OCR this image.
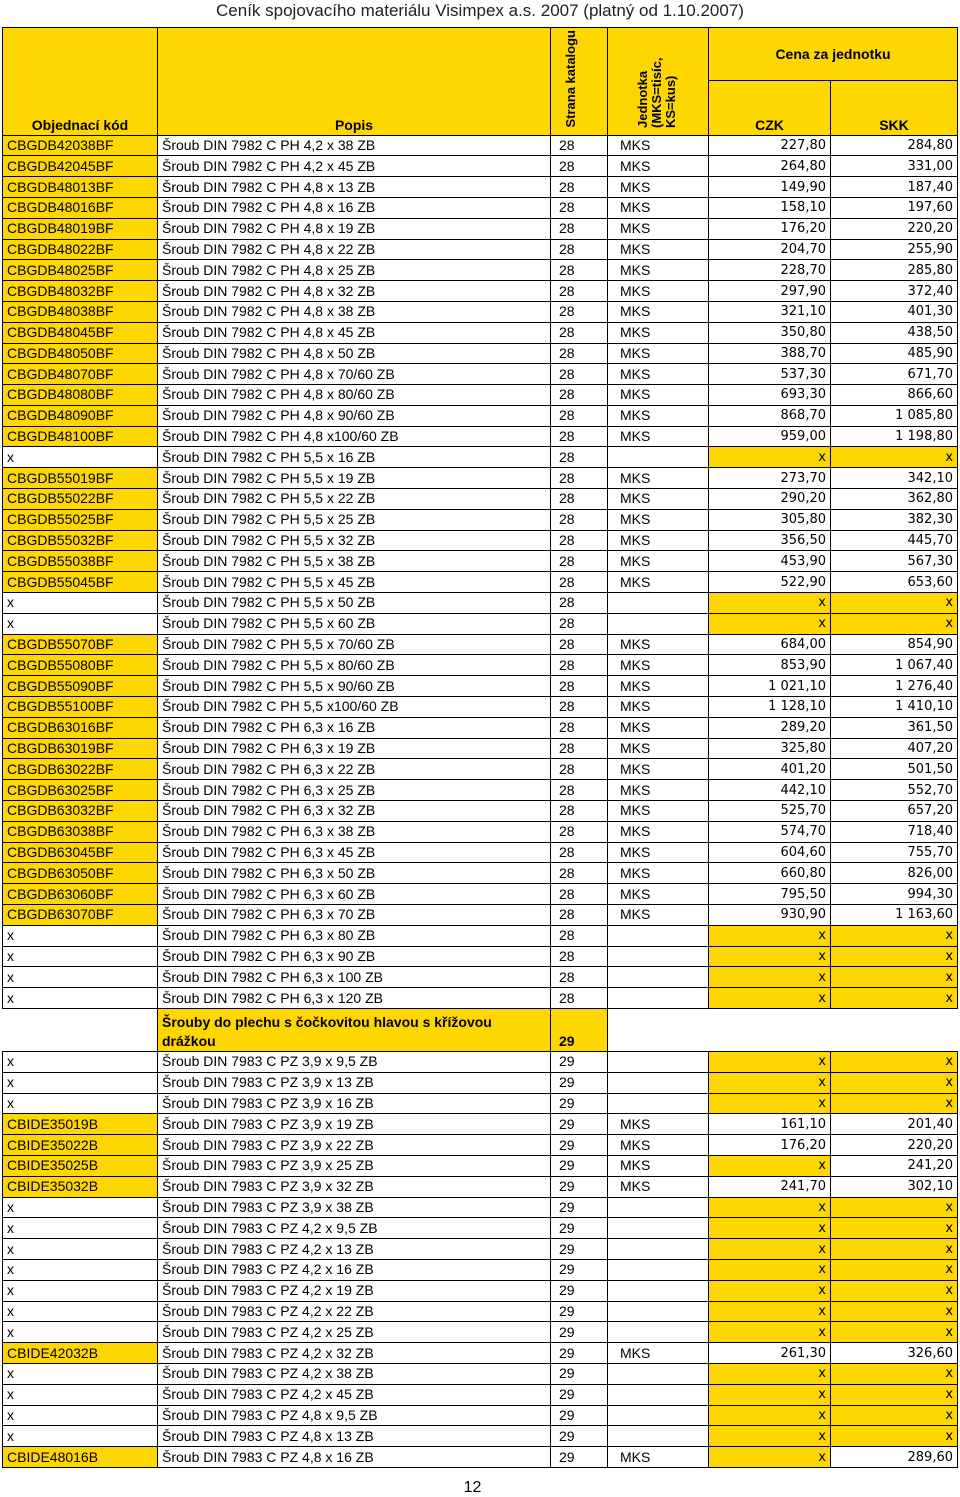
Ceník spojovacího materiálu Visimpex a.s. 2007 (platný od 1.10.2007)
Objednací kód	Popis	Strana katalogu	Jednotka (MKS=tisíc, KS=kus)	Cena za jednotku	
				CZK	SKK
CBGDB42038BF	Šroub DIN 7982 C PH 4,2 x 38 ZB	28	MKS	227,80	284,80
CBGDB42045BF	Šroub DIN 7982 C PH 4,2 x 45 ZB	28	MKS	264,80	331,00
CBGDB48013BF	Šroub DIN 7982 C PH 4,8 x 13 ZB	28	MKS	149,90	187,40
CBGDB48016BF	Šroub DIN 7982 C PH 4,8 x 16 ZB	28	MKS	158,10	197,60
CBGDB48019BF	Šroub DIN 7982 C PH 4,8 x 19 ZB	28	MKS	176,20	220,20
CBGDB48022BF	Šroub DIN 7982 C PH 4,8 x 22 ZB	28	MKS	204,70	255,90
CBGDB48025BF	Šroub DIN 7982 C PH 4,8 x 25 ZB	28	MKS	228,70	285,80
CBGDB48032BF	Šroub DIN 7982 C PH 4,8 x 32 ZB	28	MKS	297,90	372,40
CBGDB48038BF	Šroub DIN 7982 C PH 4,8 x 38 ZB	28	MKS	321,10	401,30
CBGDB48045BF	Šroub DIN 7982 C PH 4,8 x 45 ZB	28	MKS	350,80	438,50
CBGDB48050BF	Šroub DIN 7982 C PH 4,8 x 50 ZB	28	MKS	388,70	485,90
CBGDB48070BF	Šroub DIN 7982 C PH 4,8 x 70/60 ZB	28	MKS	537,30	671,70
CBGDB48080BF	Šroub DIN 7982 C PH 4,8 x 80/60 ZB	28	MKS	693,30	866,60
CBGDB48090BF	Šroub DIN 7982 C PH 4,8 x 90/60 ZB	28	MKS	868,70	1 085,80
CBGDB48100BF	Šroub DIN 7982 C PH 4,8 x100/60 ZB	28	MKS	959,00	1 198,80
x	Šroub DIN 7982 C PH 5,5 x 16 ZB	28		x	x
CBGDB55019BF	Šroub DIN 7982 C PH 5,5 x 19 ZB	28	MKS	273,70	342,10
CBGDB55022BF	Šroub DIN 7982 C PH 5,5 x 22 ZB	28	MKS	290,20	362,80
CBGDB55025BF	Šroub DIN 7982 C PH 5,5 x 25 ZB	28	MKS	305,80	382,30
CBGDB55032BF	Šroub DIN 7982 C PH 5,5 x 32 ZB	28	MKS	356,50	445,70
CBGDB55038BF	Šroub DIN 7982 C PH 5,5 x 38 ZB	28	MKS	453,90	567,30
CBGDB55045BF	Šroub DIN 7982 C PH 5,5 x 45 ZB	28	MKS	522,90	653,60
x	Šroub DIN 7982 C PH 5,5 x 50 ZB	28		x	x
x	Šroub DIN 7982 C PH 5,5 x 60 ZB	28		x	x
CBGDB55070BF	Šroub DIN 7982 C PH 5,5 x 70/60 ZB	28	MKS	684,00	854,90
CBGDB55080BF	Šroub DIN 7982 C PH 5,5 x 80/60 ZB	28	MKS	853,90	1 067,40
CBGDB55090BF	Šroub DIN 7982 C PH 5,5 x 90/60 ZB	28	MKS	1 021,10	1 276,40
CBGDB55100BF	Šroub DIN 7982 C PH 5,5 x100/60 ZB	28	MKS	1 128,10	1 410,10
CBGDB63016BF	Šroub DIN 7982 C PH 6,3 x 16 ZB	28	MKS	289,20	361,50
CBGDB63019BF	Šroub DIN 7982 C PH 6,3 x 19 ZB	28	MKS	325,80	407,20
CBGDB63022BF	Šroub DIN 7982 C PH 6,3 x 22 ZB	28	MKS	401,20	501,50
CBGDB63025BF	Šroub DIN 7982 C PH 6,3 x 25 ZB	28	MKS	442,10	552,70
CBGDB63032BF	Šroub DIN 7982 C PH 6,3 x 32 ZB	28	MKS	525,70	657,20
CBGDB63038BF	Šroub DIN 7982 C PH 6,3 x 38 ZB	28	MKS	574,70	718,40
CBGDB63045BF	Šroub DIN 7982 C PH 6,3 x 45 ZB	28	MKS	604,60	755,70
CBGDB63050BF	Šroub DIN 7982 C PH 6,3 x 50 ZB	28	MKS	660,80	826,00
CBGDB63060BF	Šroub DIN 7982 C PH 6,3 x 60 ZB	28	MKS	795,50	994,30
CBGDB63070BF	Šroub DIN 7982 C PH 6,3 x 70 ZB	28	MKS	930,90	1 163,60
x	Šroub DIN 7982 C PH 6,3 x 80 ZB	28		x	x
x	Šroub DIN 7982 C PH 6,3 x 90 ZB	28		x	x
x	Šroub DIN 7982 C PH 6,3 x 100 ZB	28		x	x
x	Šroub DIN 7982 C PH 6,3 x 120 ZB	28		x	x
	Šrouby do plechu s čočkovitou hlavou s křížovou drážkou	29			
x	Šroub DIN 7983 C PZ 3,9 x 9,5 ZB	29		x	x
x	Šroub DIN 7983 C PZ 3,9 x 13 ZB	29		x	x
x	Šroub DIN 7983 C PZ 3,9 x 16 ZB	29		x	x
CBIDE35019B	Šroub DIN 7983 C PZ 3,9 x 19 ZB	29	MKS	161,10	201,40
CBIDE35022B	Šroub DIN 7983 C PZ 3,9 x 22 ZB	29	MKS	176,20	220,20
CBIDE35025B	Šroub DIN 7983 C PZ 3,9 x 25 ZB	29	MKS	x	241,20
CBIDE35032B	Šroub DIN 7983 C PZ 3,9 x 32 ZB	29	MKS	241,70	302,10
x	Šroub DIN 7983 C PZ 3,9 x 38 ZB	29		x	x
x	Šroub DIN 7983 C PZ 4,2 x 9,5 ZB	29		x	x
x	Šroub DIN 7983 C PZ 4,2 x 13 ZB	29		x	x
x	Šroub DIN 7983 C PZ 4,2 x 16 ZB	29		x	x
x	Šroub DIN 7983 C PZ 4,2 x 19 ZB	29		x	x
x	Šroub DIN 7983 C PZ 4,2 x 22 ZB	29		x	x
x	Šroub DIN 7983 C PZ 4,2 x 25 ZB	29		x	x
CBIDE42032B	Šroub DIN 7983 C PZ 4,2 x 32 ZB	29	MKS	261,30	326,60
x	Šroub DIN 7983 C PZ 4,2 x 38 ZB	29		x	x
x	Šroub DIN 7983 C PZ 4,2 x 45 ZB	29		x	x
x	Šroub DIN 7983 C PZ 4,8 x 9,5 ZB	29		x	x
x	Šroub DIN 7983 C PZ 4,8 x 13 ZB	29		x	x
CBIDE48016B	Šroub DIN 7983 C PZ 4,8 x 16 ZB	29	MKS	x	289,60
12
